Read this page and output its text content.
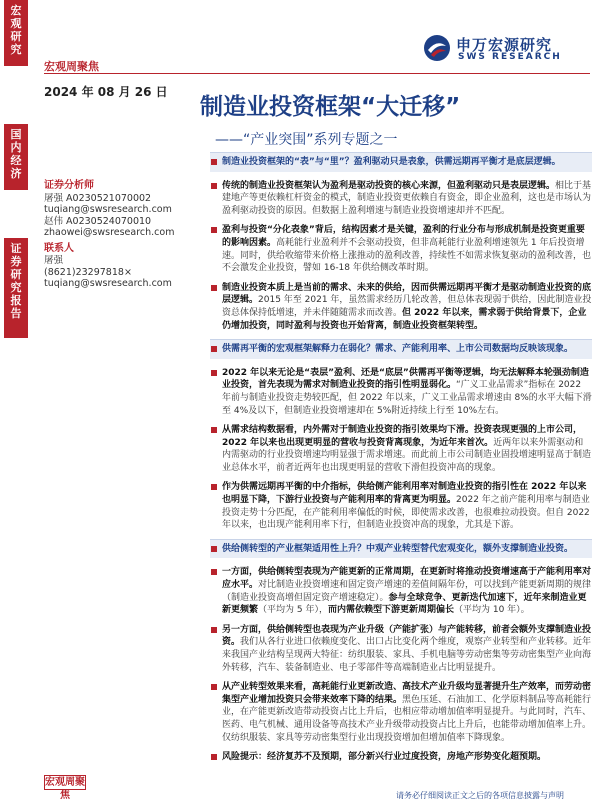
宏
观
研
究
国
内
经
济
证
券
研
究
报
告
宏观周聚焦
宏观周聚焦
申万宏源研究
SWS RESEARCH
2024 年 08 月 26 日
制造业投资框架“大迁移”
——“产业突围”系列专题之一
证券分析师
屠强 A0230521070002
tuqiang@swsresearch.com
赵伟 A0230524070010
zhaowei@swsresearch.com
联系人
屠强
(8621)23297818×
tuqiang@swsresearch.com
制造业投资框架的“表”与“里”？盈利驱动只是表象，供需远期再平衡才是底层逻辑。
传统的制造业投资框架认为盈利是驱动投资的核心来源，但盈利驱动只是表层逻辑。相比于基建地产等更依赖杠杆资金的模式，制造业投资更依赖自有资金，即企业盈利，这也是市场认为盈利驱动投资的原因。但数据上盈利增速与制造业投资增速却并不匹配。
盈利与投资“分化表象”背后，结构因素才是关键，盈利的行业分布与形成机制是投资更重要的影响因素。高耗能行业盈利并不会驱动投资，但非高耗能行业盈利增速领先 1 年后投资增速。同时，供给收缩带来价格上涨推动的盈利改善，持续性不如需求恢复驱动的盈利改善，也不会激发企业投资，譬如 16-18 年供给侧改革时期。
制造业投资本质上是当前的需求、未来的供给，因而供需远期再平衡才是驱动制造业投资的底层逻辑。2015 年至 2021 年，虽然需求经历几轮改善，但总体表现弱于供给，因此制造业投资总体保持低增速，并未伴随随需求而改善。但 2022 年以来，需求弱于供给背景下，企业仍增加投资，同时盈利与投资也开始背离，制造业投资框架转型。
供需再平衡的宏观框架解释力在弱化？需求、产能利用率、上市公司数据均反映该现象。
2022 年以来无论是“表层”盈利、还是“底层”供需再平衡等逻辑，均无法解释本轮强劲制造业投资，首先表现为需求对制造业投资的指引性明显弱化。“广义工业品需求”指标在 2022 年前与制造业投资走势较匹配，但 2022 年以来，广义工业品需求增速由 8%的水平大幅下滑至 4%及以下，但制造业投资增速却在 5%附近持续上行至 10%左右。
从需求结构数据看，内外需对于制造业投资的指引效果均下滑。投资表现更强的上市公司，2022 年以来也出现更明显的营收与投资背离现象，为近年来首次。近两年以来外需驱动和内需驱动的行业投资增速均明显强于需求增速。而此前上市公司制造业固投增速明显高于制造业总体水平，前者近两年也出现更明显的营收下滑但投资冲高的现象。
作为供需远期再平衡的中介指标，供给侧产能利用率对制造业投资的指引性在 2022 年以来也明显下降，下游行业投资与产能利用率的背离更为明显。2022 年之前产能利用率与制造业投资走势十分匹配，在产能利用率偏低的时候，即使需求改善，也很难拉动投资。但自 2022 年以来，也出现产能利用率下行，但制造业投资冲高的现象，尤其是下游。
供给侧转型的产业框架适用性上升？中观产业转型替代宏观变化，额外支撑制造业投资。
一方面，供给侧转型表现为产能更新的正常周期，在更新时将推动投资增速高于产能利用率对应水平。对比制造业投资增速和固定资产增速的差值间隔年份，可以找到产能更新周期的规律（制造业投资高增但固定资产增速稳定）。参与全球竞争、更新迭代加速下，近年来制造业更新更频繁（平均为 5 年），而内需依赖型下游更新周期偏长（平均为 10 年）。
另一方面，供给侧转型也表现为产业升级（产能扩张）与产能转移，前者会额外支撑制造业投资。我们从各行业进口依赖度变化、出口占比变化两个维度，观察产业转型和产业转移。近年来我国产业结构呈现两大特征：纺织服装、家具、手机电脑等劳动密集等劳动密集型产业向海外转移，汽车、装备制造业、电子零部件等高端制造业占比明显提升。
从产业转型效果来看，高耗能行业更新改造、高技术产业升级均显著提升生产效率，而劳动密集型产业增加投资只会带来效率下降的结果。黑色压延、石油加工、化学原料制品等高耗能行业，在产能更新改造带动投资占比上升后，也相应带动增加值率明显提升。与此同时，汽车、医药、电气机械、通用设备等高技术产业升级带动投资占比上升后，也能带动增加值率上升。仅纺织服装、家具等劳动密集型行业出现投资增加但增加值率下降现象。
风险提示：经济复苏不及预期，部分新兴行业过度投资，房地产形势变化超预期。
请务必仔细阅读正文之后的各项信息披露与声明
